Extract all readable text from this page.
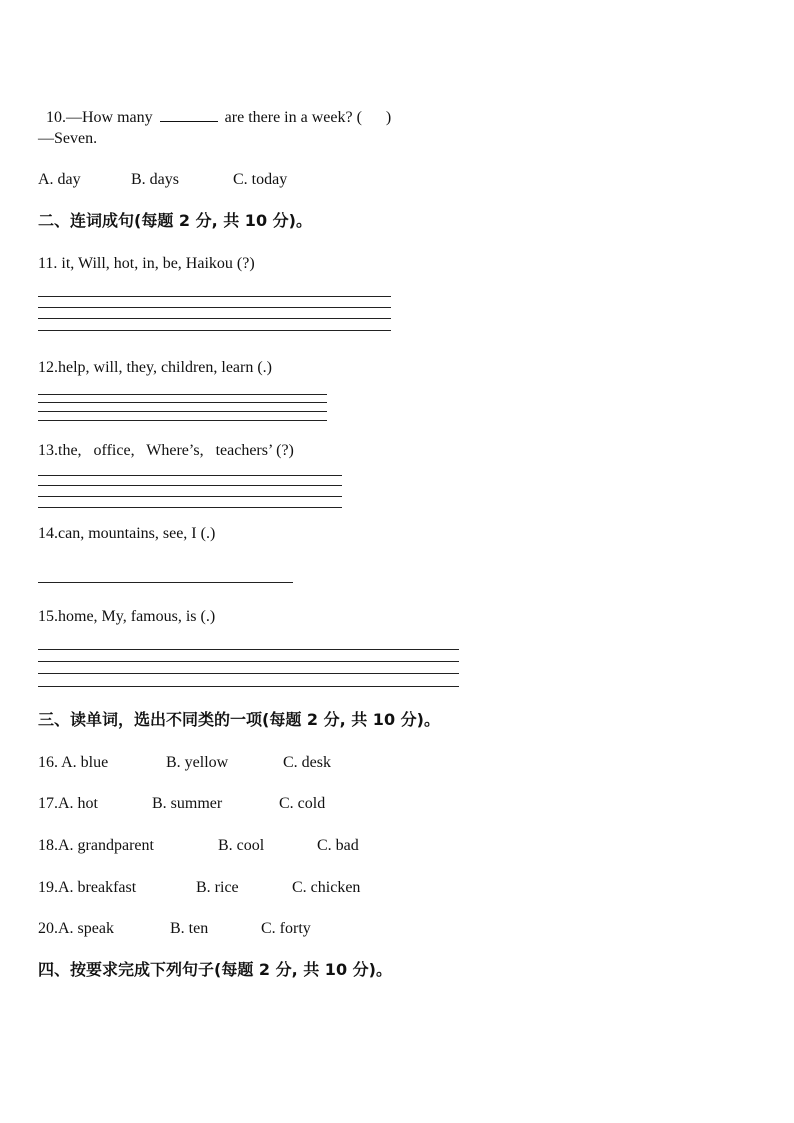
10.—How many	are there in a week? (      )

—Seven.
A. day	B. days	C. today
二、连词成句(每题 2 分, 共 10 分)。
11. it, Will, hot, in, be, Haikou (?)
12.help, will, they, children, learn (.)
13.the,   office,   Where’s,   teachers’ (?)
14.can, mountains, see, I (.)
15.home, My, famous, is (.)
三、读单词，选出不同类的一项(每题 2 分, 共 10 分)。
16. A. blue	B. yellow	C. desk
17.A. hot	B. summer	C. cold
18.A. grandparent	B. cool	C. bad
19.A. breakfast	B. rice	C. chicken
20.A. speak	B. ten	C. forty
四、按要求完成下列句子(每题 2 分, 共 10 分)。
